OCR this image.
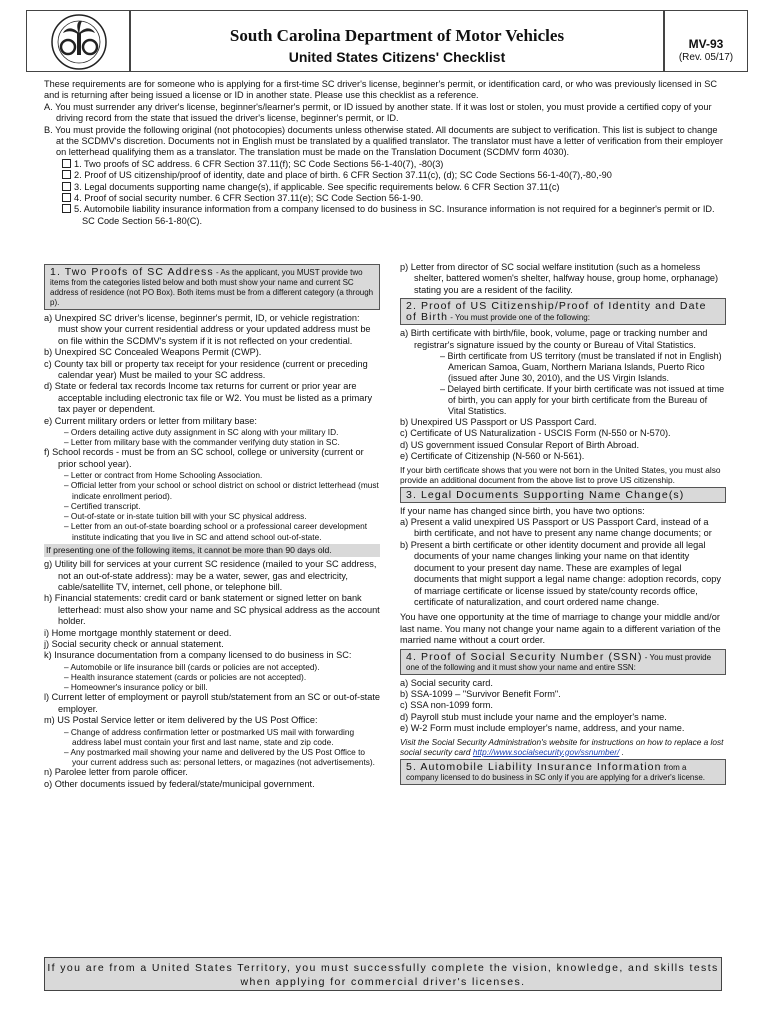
South Carolina Department of Motor Vehicles
United States Citizens' Checklist
MV-93
(Rev. 05/17)

These requirements are for someone who is applying for a first-time SC driver's license, beginner's permit, or identification card, or who was previously licensed in SC and is returning after being issued a license or ID in another state. Please use this checklist as a reference.

A. You must surrender any driver's license, beginner's/learner's permit, or ID issued by another state. If it was lost or stolen, you must provide a certified copy of your driving record from the state that issued the driver's license, beginner's permit, or ID.

B. You must provide the following original (not photocopies) documents unless otherwise stated. All documents are subject to verification. This list is subject to change at the SCDMV's discretion. Documents not in English must be translated by a qualified translator. The translator must have a letter of verification from their employer on letterhead qualifying them as a translator. The translation must be made on the Translation Document (SCDMV form 4030).

1. Two proofs of SC address. 6 CFR Section 37.11(f); SC Code Sections 56-1-40(7), -80(3)

2. Proof of US citizenship/proof of identity, date and place of birth. 6 CFR Section 37.11(c), (d); SC Code Sections 56-1-40(7),-80,-90

3. Legal documents supporting name change(s), if applicable. See specific requirements below. 6 CFR Section 37.11(c)

4. Proof of social security number. 6 CFR Section 37.11(e); SC Code Section 56-1-90.

5. Automobile liability insurance information from a company licensed to do business in SC. Insurance information is not required for a beginner's permit or ID. SC Code Section 56-1-80(C).

1. Two Proofs of SC Address - As the applicant, you MUST provide two items from the categories listed below and both must show your name and current SC address of residence (not PO Box). Both items must be from a different category (a through p).

a) Unexpired SC driver's license, beginner's permit, ID, or vehicle registration: must show your current residential address or your updated address must be on file within the SCDMV's system if it is not reflected on your credential.

b) Unexpired SC Concealed Weapons Permit (CWP).

c) County tax bill or property tax receipt for your residence (current or preceding calendar year) Must be mailed to your SC address.

d) State or federal tax records Income tax returns for current or prior year are acceptable including electronic tax file or W2. You must be listed as a primary tax payer or dependent.

e) Current military orders or letter from military base:

– Orders detailing active duty assignment in SC along with your military ID.

– Letter from military base with the commander verifying duty station in SC.

f) School records - must be from an SC school, college or university (current or prior school year).

– Letter or contract from Home Schooling Association.

– Official letter from your school or school district on school or district letterhead (must indicate enrollment period).

– Certified transcript.

– Out-of-state or in-state tuition bill with your SC physical address.

– Letter from an out-of-state boarding school or a professional career development institute indicating that you live in SC and attend school out-of-state.

If presenting one of the following items, it cannot be more than 90 days old.

g) Utility bill for services at your current SC residence (mailed to your SC address, not an out-of-state address): may be a water, sewer, gas and electricity, cable/satellite TV, internet, cell phone, or telephone bill.

h) Financial statements: credit card or bank statement or signed letter on bank letterhead: must also show your name and SC physical address as the account holder.

i) Home mortgage monthly statement or deed.

j) Social security check or annual statement.

k) Insurance documentation from a company licensed to do business in SC:

– Automobile or life insurance bill (cards or policies are not accepted).

– Health insurance statement (cards or policies are not accepted).

– Homeowner's insurance policy or bill.

l) Current letter of employment or payroll stub/statement from an SC or out-of-state employer.

m) US Postal Service letter or item delivered by the US Post Office:

– Change of address confirmation letter or postmarked US mail with forwarding address label must contain your first and last name, state and zip code.

– Any postmarked mail showing your name and delivered by the US Post Office to your current address such as: personal letters, or magazines (not advertisements).

n) Parolee letter from parole officer.

o) Other documents issued by federal/state/municipal government.

p) Letter from director of SC social welfare institution (such as a homeless shelter, battered women's shelter, halfway house, group home, orphanage) stating you are a resident of the facility.

2. Proof of US Citizenship/Proof of Identity and Date of Birth - You must provide one of the following:

a) Birth certificate with birth/file, book, volume, page or tracking number and registrar's signature issued by the county or Bureau of Vital Statistics.

– Birth certificate from US territory (must be translated if not in English) American Samoa, Guam, Northern Mariana Islands, Puerto Rico (issued after June 30, 2010), and the US Virgin Islands.

– Delayed birth certificate. If your birth certificate was not issued at time of birth, you can apply for your birth certificate from the Bureau of Vital Statistics.

b) Unexpired US Passport or US Passport Card.

c) Certificate of US Naturalization - USCIS Form (N-550 or N-570).

d) US government issued Consular Report of Birth Abroad.

e) Certificate of Citizenship (N-560 or N-561).

If your birth certificate shows that you were not born in the United States, you must also provide an additional document from the above list to prove US citizenship.

3. Legal Documents Supporting Name Change(s)

If your name has changed since birth, you have two options:

a) Present a valid unexpired US Passport or US Passport Card, instead of a birth certificate, and not have to present any name change documents; or

b) Present a birth certificate or other identity document and provide all legal documents of your name changes linking your name on that identity document to your present day name. These are examples of legal documents that might support a legal name change: adoption records, copy of marriage certificate or license issued by state/county records office, certificate of naturalization, and court ordered name change.

You have one opportunity at the time of marriage to change your middle and/or last name. You many not change your name again to a different variation of the married name without a court order.

4. Proof of Social Security Number (SSN) - You must provide one of the following and it must show your name and entire SSN:

a) Social security card.

b) SSA-1099 – "Survivor Benefit Form".

c) SSA non-1099 form.

d) Payroll stub must include your name and the employer's name.

e) W-2 Form must include employer's name, address, and your name.

Visit the Social Security Administration's website for instructions on how to replace a lost social security card http://www.socialsecurity.gov/ssnumber/ .

5. Automobile Liability Insurance Information from a company licensed to do business in SC only if you are applying for a driver's license.
If you are from a United States Territory, you must successfully complete the vision, knowledge, and skills tests when applying for commercial driver's licenses.
